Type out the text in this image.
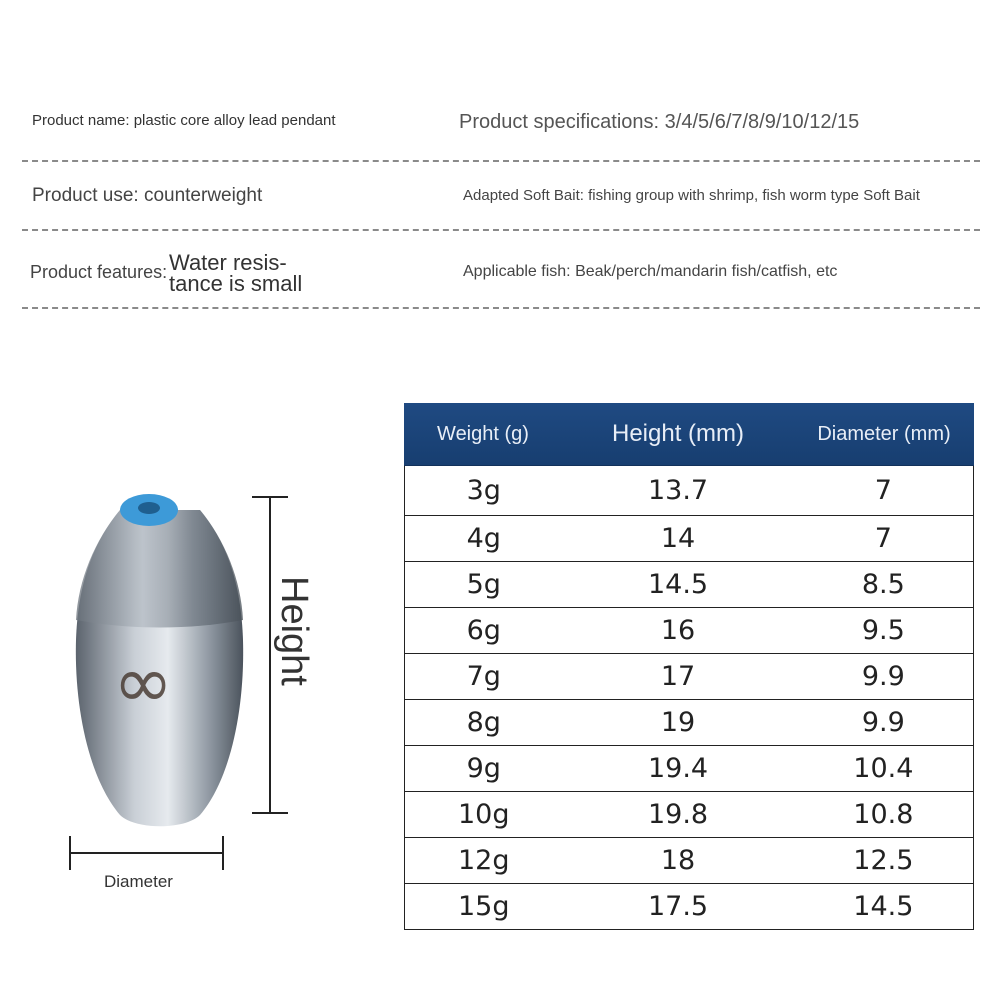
Product name: plastic core alloy lead pendant	Product specifications: 3/4/5/6/7/8/9/10/12/15
Product use: counterweight	Adapted Soft Bait: fishing group with shrimp, fish worm type Soft Bait
Product features: Water resis-
tance is small	Applicable fish: Beak/perch/mandarin fish/catfish, etc
∞	Height
Diameter
Weight (g)	Height (mm)	Diameter (mm)
3g	13.7	7
4g	14	7
5g	14.5	8.5
6g	16	9.5
7g	17	9.9
8g	19	9.9
9g	19.4	10.4
10g	19.8	10.8
12g	18	12.5
15g	17.5	14.5
